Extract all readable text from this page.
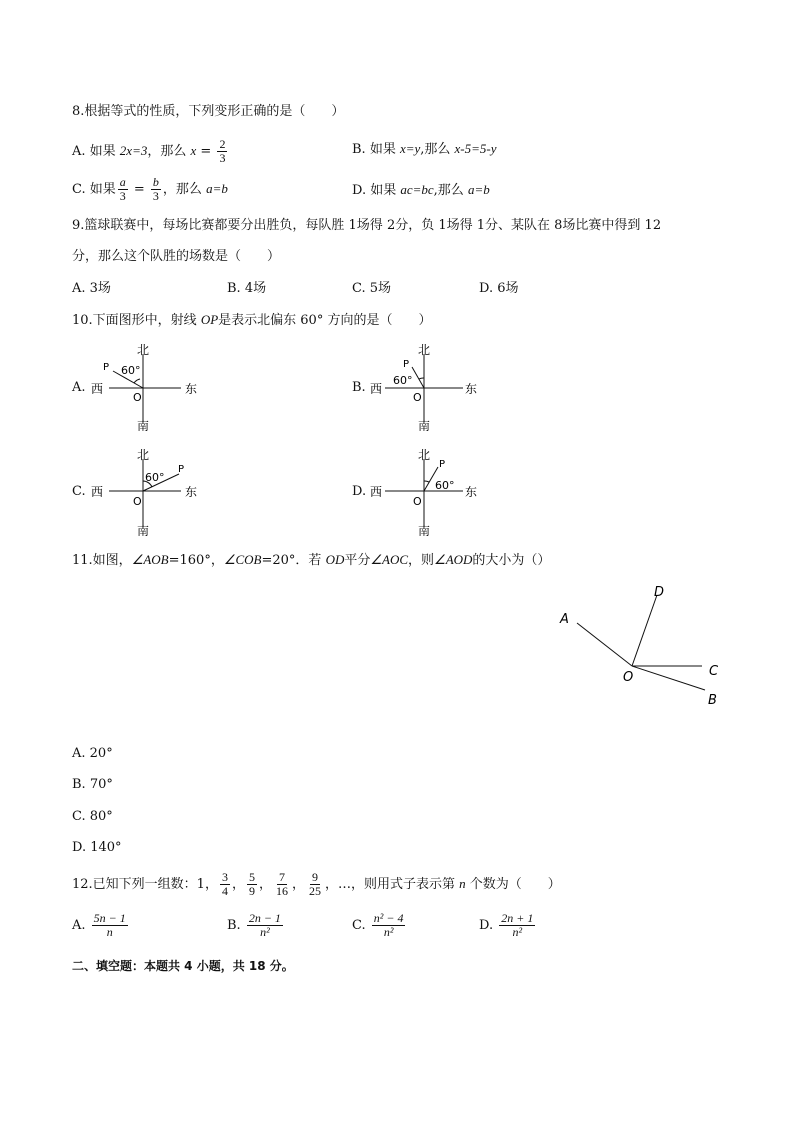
8.根据等式的性质，下列变形正确的是（　　）
A. 如果 2x=3，那么 $x = \frac{2}{3}$	B. 如果 x=y,那么 x-5=5-y
C. 如果 $\frac{a}{3} = \frac{b}{3}$ ，那么 a=b	D. 如果 ac=bc,那么 a=b
9.篮球联赛中，每场比赛都要分出胜负，每队胜 1场得 2分，负 1场得 1分、某队在 8场比赛中得到 12
分，那么这个队胜的场数是（　　）
A. 3场	B. 4场	C. 5场	D. 6场
10.下面图形中，射线 OP是表示北偏东 60° 方向的是（　　）
A.
北
南
西	东
60°
P
O
B.
北
南
西	东
60°
P
O
C.
北
南
西	东
60°
P
O
D.
北
南
西	东
60°
P
O
11.如图，∠AOB=160°，∠COB=20°．若 OD平分∠AOC，则∠AOD的大小为（）
A
D
C
B
O
A. 20°
B. 70°
C. 80°
D. 140°
12.已知下列一组数：1， $\frac{3}{4}$ ， $\frac{5}{9}$ ， $\frac{7}{16}$ ， $\frac{9}{25}$ ，…，则用式子表示第 n 个数为（　　）
A. $\frac{5n - 1}{n}$	B. $\frac{2n - 1}{\text{n²}}$	C. $\frac{\text{n² − 4}}{\text{n²}}$	D. $\frac{2n + 1}{\text{n²}}$
二、填空题：本题共 4 小题，共 18 分。
